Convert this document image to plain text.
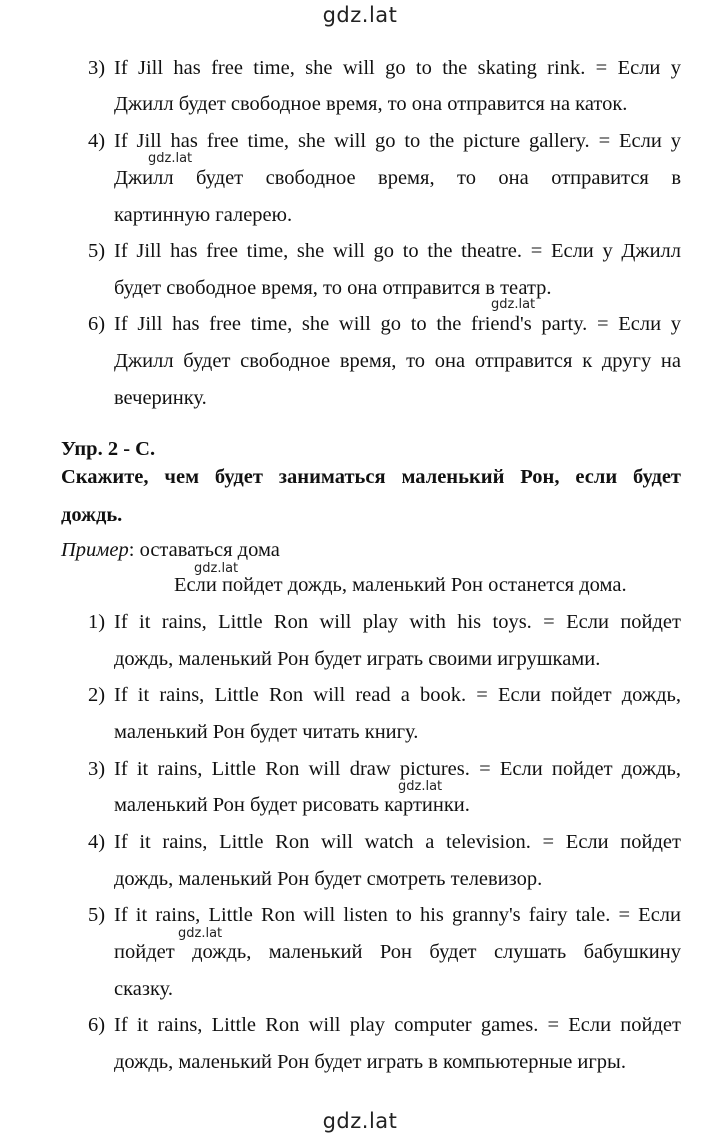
gdz.lat
3) If Jill has free time, she will go to the skating rink. = Если у
Джилл будет свободное время, то она отправится на каток.
4) If Jill has free time, she will go to the picture gallery. = Если у
gdz.lat
Джилл будет свободное время, то она отправится в
картинную галерею.
5) If Jill has free time, she will go to the theatre. = Если у Джилл
будет свободное время, то она отправится в театр.
gdz.lat
6) If Jill has free time, she will go to the friend's party. = Если у
Джилл будет свободное время, то она отправится к другу на
вечеринку.
Упр. 2 - С.
Скажите, чем будет заниматься маленький Рон, если будет
дождь.
Пример: оставаться дома
gdz.lat
Если пойдет дождь, маленький Рон останется дома.
1) If it rains, Little Ron will play with his toys. = Если пойдет
дождь, маленький Рон будет играть своими игрушками.
2) If it rains, Little Ron will read a book. = Если пойдет дождь,
маленький Рон будет читать книгу.
3) If it rains, Little Ron will draw pictures. = Если пойдет дождь,
gdz.lat
маленький Рон будет рисовать картинки.
4) If it rains, Little Ron will watch a television. = Если пойдет
дождь, маленький Рон будет смотреть телевизор.
5) If it rains, Little Ron will listen to his granny's fairy tale. = Если
gdz.lat
пойдет дождь, маленький Рон будет слушать бабушкину
сказку.
6) If it rains, Little Ron will play computer games. = Если пойдет
дождь, маленький Рон будет играть в компьютерные игры.
gdz.lat
